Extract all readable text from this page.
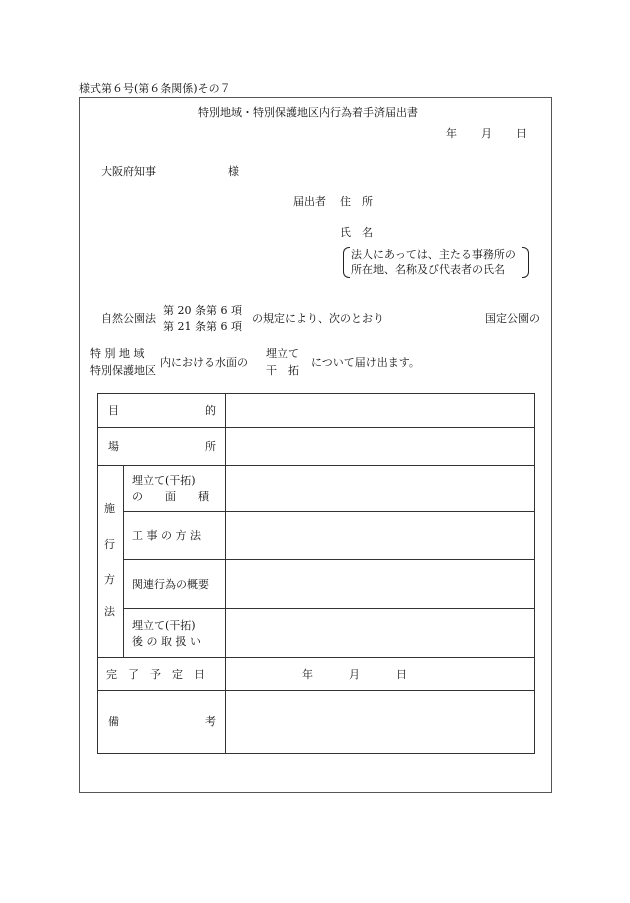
様式第６号(第６条関係)その７
特別地域・特別保護地区内行為着手済届出書
年 月 日
大阪府知事	様
届出者 住　所
氏　名
法人にあっては、主たる事務所の
所在地、名称及び代表者の氏名
自然公園法
第 20 条第 6 項
第 21 条第 6 項
の規定により、次のとおり	国定公園の
特 別 地 域
特別保護地区
内における水面の
埋立て
干　拓
について届け出ます。
目	的
場	所
施
行
方
法
埋立て(干拓)
の　　面　　積
工 事 の 方 法
関連行為の概要
埋立て(干拓)
後 の 取 扱 い
完　了　予　定　日	年	月	日
備	考
